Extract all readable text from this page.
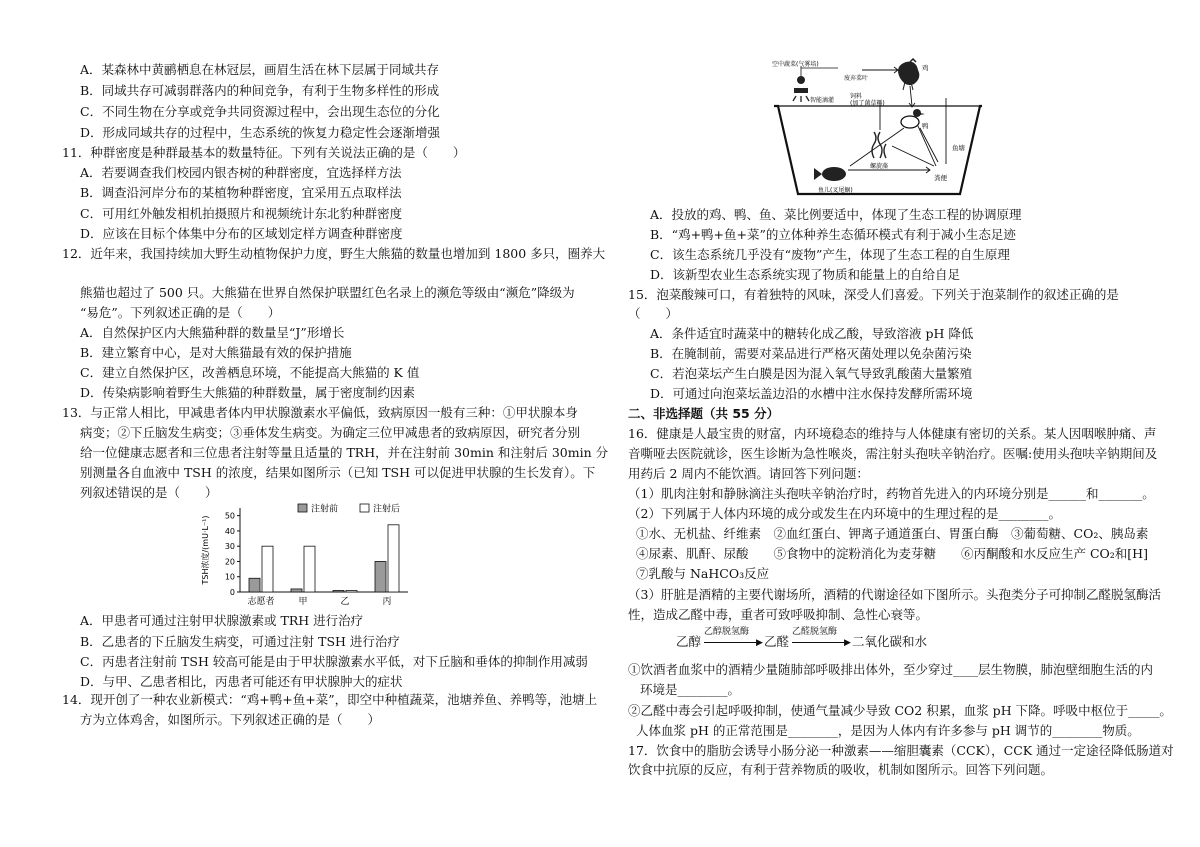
A．某森林中黄鹂栖息在林冠层，画眉生活在林下层属于同域共存
B．同域共存可减弱群落内的种间竞争，有利于生物多样性的形成
C．不同生物在分享或竞争共同资源过程中，会出现生态位的分化
D．形成同域共存的过程中，生态系统的恢复力稳定性会逐渐增强
11．种群密度是种群最基本的数量特征。下列有关说法正确的是（　　）
A．若要调查我们校园内银杏树的种群密度，宜选择样方法
B．调查沿河岸分布的某植物种群密度，宜采用五点取样法
C．可用红外触发相机拍摄照片和视频统计东北豹种群密度
D．应该在目标个体集中分布的区域划定样方调查种群密度
12．近年来，我国持续加大野生动植物保护力度，野生大熊猫的数量也增加到 1800 多只，圈养大
熊猫也超过了 500 只。大熊猫在世界自然保护联盟红色名录上的濒危等级由“濒危”降级为
“易危”。下列叙述正确的是（　　）
A．自然保护区内大熊猫种群的数量呈“J”形增长
B．建立繁育中心，是对大熊猫最有效的保护措施
C．建立自然保护区，改善栖息环境，不能提高大熊猫的 K 值
D．传染病影响着野生大熊猫的种群数量，属于密度制约因素
13．与正常人相比，甲减患者体内甲状腺激素水平偏低，致病原因一般有三种：①甲状腺本身
病变；②下丘脑发生病变；③垂体发生病变。为确定三位甲减患者的致病原因，研究者分别
给一位健康志愿者和三位患者注射等量且适量的 TRH，并在注射前 30min 和注射后 30min 分
别测量各自血液中 TSH 的浓度，结果如图所示（已知 TSH 可以促进甲状腺的生长发育）。下
列叙述错误的是（　　）
0
10
20
30
40
50
TSH浓度/(mU·L⁻¹)
志愿者	甲	乙	丙
注射前	注射后
A．甲患者可通过注射甲状腺激素或 TRH 进行治疗
B．乙患者的下丘脑发生病变，可通过注射 TSH 进行治疗
C．丙患者注射前 TSH 较高可能是由于甲状腺激素水平低，对下丘脑和垂体的抑制作用减弱
D．与甲、乙患者相比，丙患者可能还有甲状腺肿大的症状
14．现开创了一种农业新模式：“鸡+鸭+鱼+菜”，即空中种植蔬菜，池塘养鱼、养鸭等，池塘上
方为立体鸡舍，如图所示。下列叙述正确的是（　　）
空中蔬菜(气雾培)
智能滴灌
废弃菜叶
鸡
饲料(加了菌草料)
鸭
鱼塘
螺旋藻
鱼儿(叉尾鮰)
粪便
A．投放的鸡、鸭、鱼、菜比例要适中，体现了生态工程的协调原理
B．“鸡+鸭+鱼+菜”的立体种养生态循环模式有利于减小生态足迹
C．该生态系统几乎没有“废物”产生，体现了生态工程的自生原理
D．该新型农业生态系统实现了物质和能量上的自给自足
15．泡菜酸辣可口，有着独特的风味，深受人们喜爱。下列关于泡菜制作的叙述正确的是
（　　）
A．条件适宜时蔬菜中的糖转化成乙酸，导致溶液 pH 降低
B．在腌制前，需要对菜品进行严格灭菌处理以免杂菌污染
C．若泡菜坛产生白膜是因为混入氧气导致乳酸菌大量繁殖
D．可通过向泡菜坛盖边沿的水槽中注水保持发酵所需环境
二、非选择题（共 55 分）
16．健康是人最宝贵的财富，内环境稳态的维持与人体健康有密切的关系。某人因咽喉肿痛、声
音嘶哑去医院就诊，医生诊断为急性喉炎，需注射头孢呋辛钠治疗。医嘱:使用头孢呋辛钠期间及
用药后 2 周内不能饮酒。请回答下列问题：
（1）肌肉注射和静脉滴注头孢呋辛钠治疗时，药物首先进入的内环境分别是______和_______。
（2）下列属于人体内环境的成分或发生在内环境中的生理过程的是________。
①水、无机盐、纤维素　②血红蛋白、钾离子通道蛋白、胃蛋白酶　③葡萄糖、CO₂、胰岛素
④尿素、肌酐、尿酸　　⑤食物中的淀粉消化为麦芽糖　　⑥丙酮酸和水反应生产 CO₂和[H]
⑦乳酸与 NaHCO₃反应
（3）肝脏是酒精的主要代谢场所，酒精的代谢途径如下图所示。头孢类分子可抑制乙醛脱氢酶活
性，造成乙醛中毒，重者可致呼吸抑制、急性心衰等。
乙醇
乙醇脱氢酶
▶ 乙醛
乙醛脱氢酶
▶ 二氧化碳和水
①饮酒者血浆中的酒精少量随肺部呼吸排出体外，至少穿过____层生物膜，肺泡壁细胞生活的内
环境是________。
②乙醛中毒会引起呼吸抑制，使通气量减少导致 CO2 积累，血浆 pH 下降。呼吸中枢位于_____。
人体血浆 pH 的正常范围是________，是因为人体内有许多参与 pH 调节的________物质。
17．饮食中的脂肪会诱导小肠分泌一种激素——缩胆囊素（CCK），CCK 通过一定途径降低肠道对
饮食中抗原的反应，有利于营养物质的吸收，机制如图所示。回答下列问题。
